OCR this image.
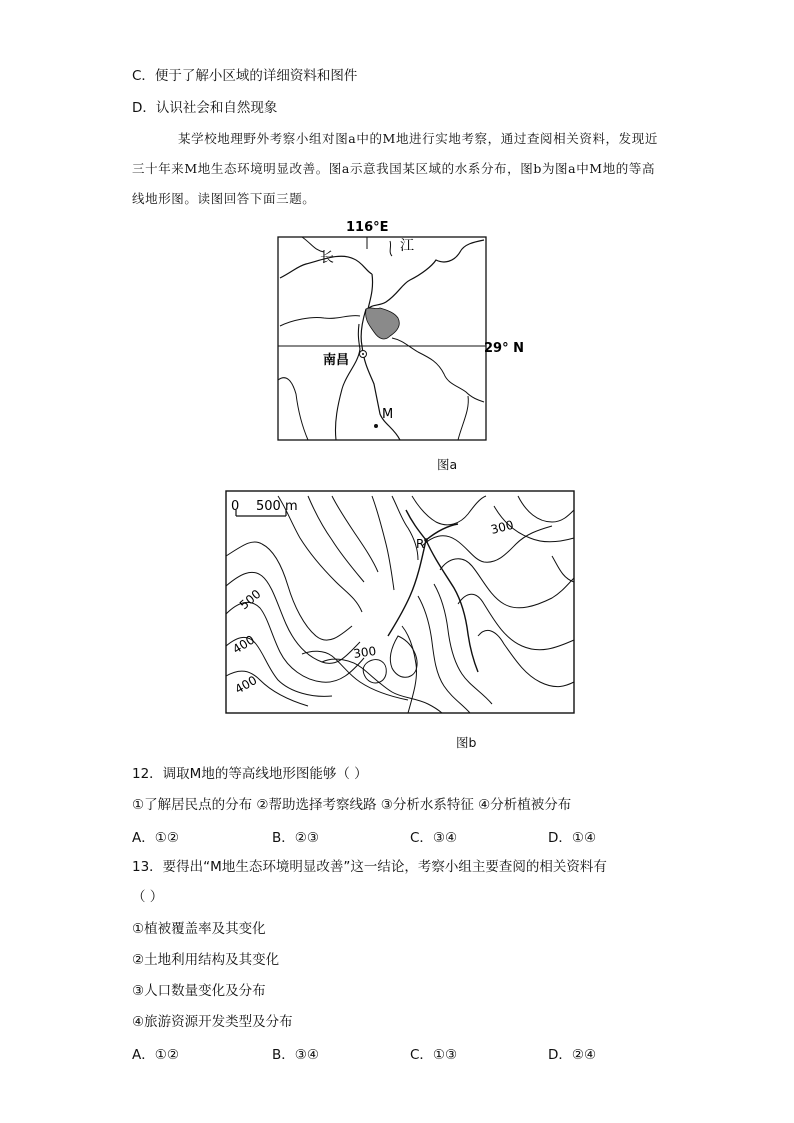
C．便于了解小区域的详细资料和图件
D．认识社会和自然现象
某学校地理野外考察小组对图a中的M地进行实地考察，通过查阅相关资料，发现近三十年来M地生态环境明显改善。图a示意我国某区域的水系分布，图b为图a中M地的等高线地形图。读图回答下面三题。
116°E
29° N
长
江
南昌
M
图a
0 500 m
R
300
500
400	300
400
图b
12．调取M地的等高线地形图能够（ ）
①了解居民点的分布 ②帮助选择考察线路 ③分析水系特征 ④分析植被分布
A．①②	B．②③	C．③④	D．①④
13．要得出“M地生态环境明显改善”这一结论，考察小组主要查阅的相关资料有
（ ）
①植被覆盖率及其变化
②土地利用结构及其变化
③人口数量变化及分布
④旅游资源开发类型及分布
A．①②	B．③④	C．①③	D．②④
